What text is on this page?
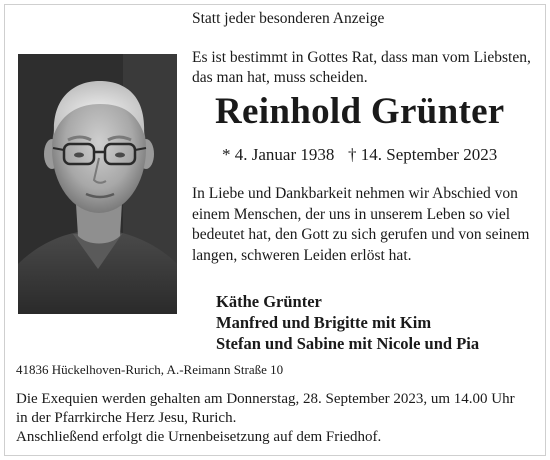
Statt jeder besonderen Anzeige
Es ist bestimmt in Gottes Rat, dass man vom Liebsten,
das man hat, muss scheiden.
Reinhold Grünter
* 4. Januar 1938 † 14. September 2023
In Liebe und Dankbarkeit nehmen wir Abschied von
einem Menschen, der uns in unserem Leben so viel
bedeutet hat, den Gott zu sich gerufen und von seinem
langen, schweren Leiden erlöst hat.
Käthe Grünter
Manfred und Brigitte mit Kim
Stefan und Sabine mit Nicole und Pia
41836 Hückelhoven-Rurich, A.-Reimann Straße 10
Die Exequien werden gehalten am Donnerstag, 28. September 2023, um 14.00 Uhr
in der Pfarrkirche Herz Jesu, Rurich.
Anschließend erfolgt die Urnenbeisetzung auf dem Friedhof.
